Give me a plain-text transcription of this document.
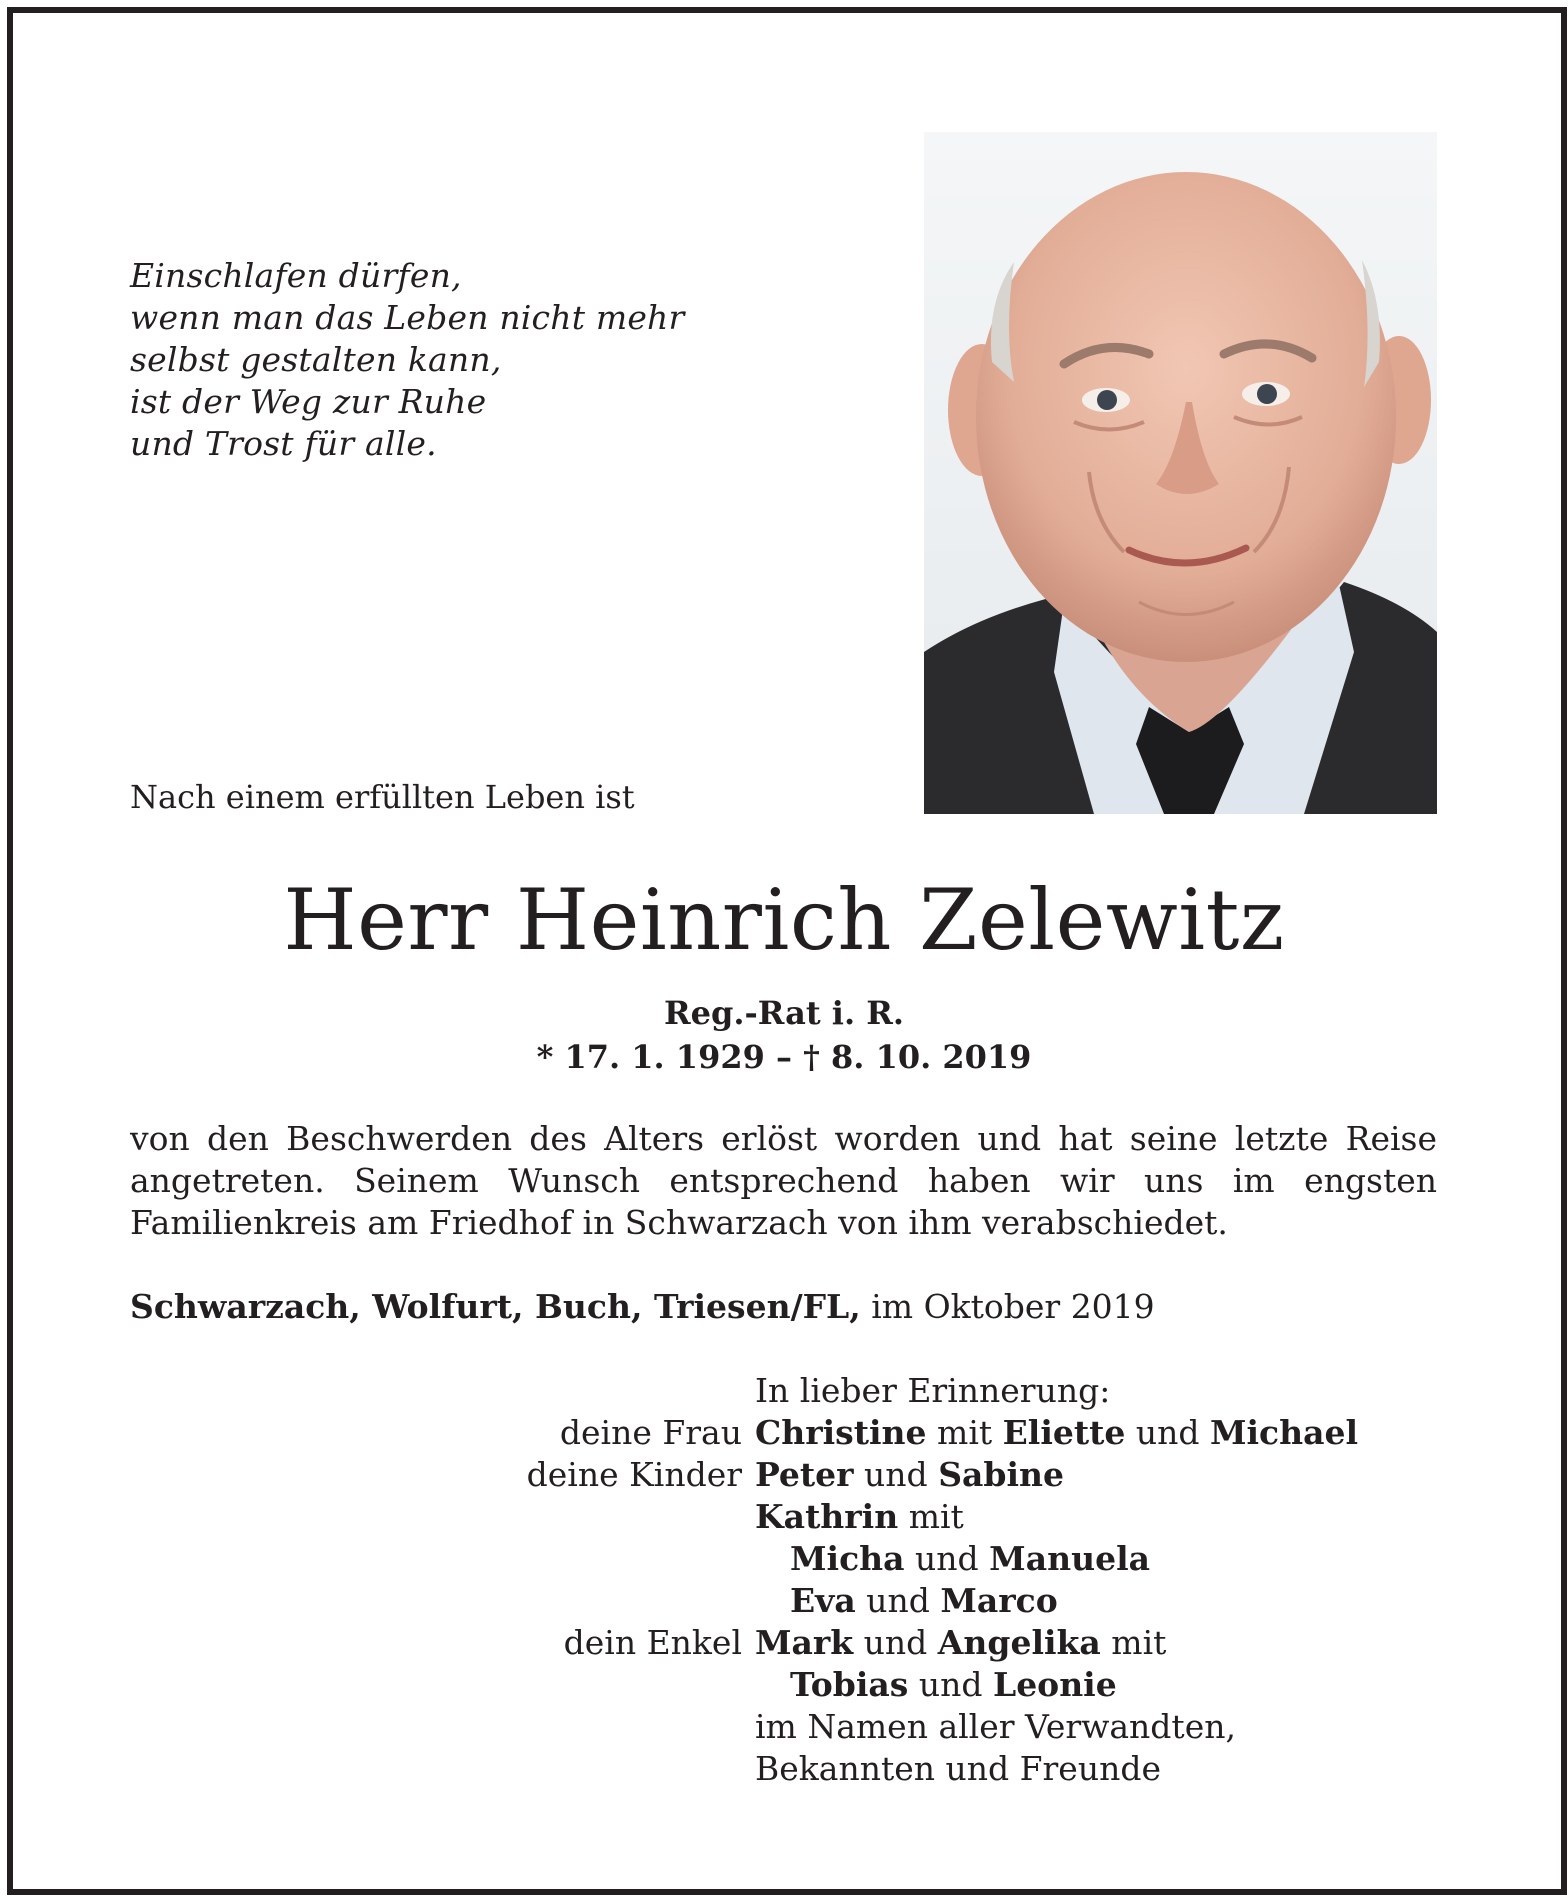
Einschlafen dürfen,
wenn man das Leben nicht mehr
selbst gestalten kann,
ist der Weg zur Ruhe
und Trost für alle.
Nach einem erfüllten Leben ist
Herr Heinrich Zelewitz
Reg.-Rat i. R.
* 17. 1. 1929 – † 8. 10. 2019
von den Beschwerden des Alters erlöst worden und hat seine letzte Reise angetreten. Seinem Wunsch entsprechend haben wir uns im engsten Familienkreis am Friedhof in Schwarzach von ihm verabschiedet.
Schwarzach, Wolfurt, Buch, Triesen/FL, im Oktober 2019
In lieber Erinnerung:
deine Frau Christine mit Eliette und Michael
deine Kinder Peter und Sabine
Kathrin mit
Micha und Manuela
Eva und Marco
dein Enkel Mark und Angelika mit
Tobias und Leonie
im Namen aller Verwandten,
Bekannten und Freunde
